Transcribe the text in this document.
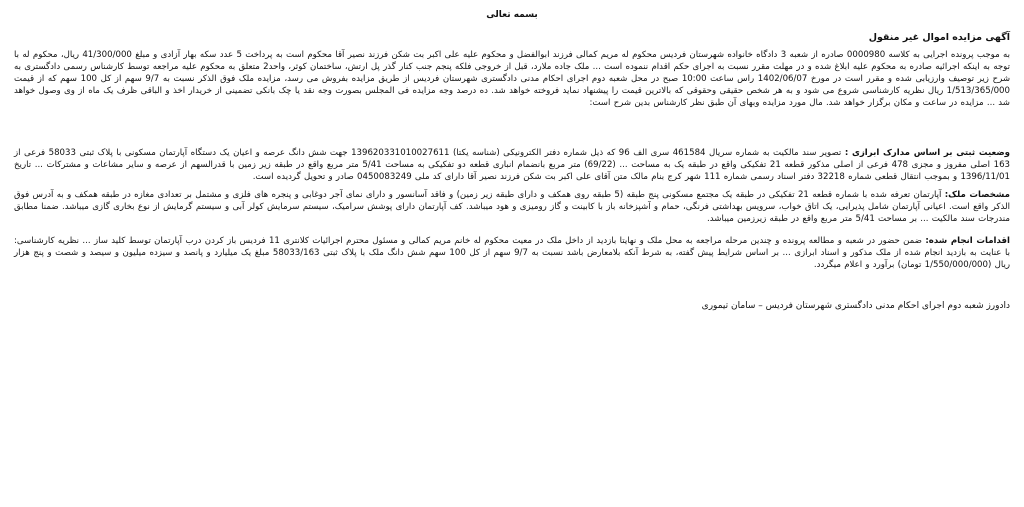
بسمه تعالی
آگهی مزایده اموال غیر منقول

به موجب پرونده اجرایی به کلاسه 0000980 صادره از شعبه 3 دادگاه خانواده شهرستان فردیس محکوم له مریم کمالی فرزند ابوالفضل و محکوم علیه علی اکبر بت شکن فرزند نصیر آقا محکوم است به پرداخت 5 عدد سکه بهار آزادی و مبلغ 41/300/000 ریال، محکوم له با توجه به اینکه اجرائیه صادره به محکوم علیه ابلاغ شده و در مهلت مقرر نسبت به اجرای حکم اقدام ننموده است ... ملک جاده ملارد، قبل از خروجی فلکه پنجم جنب کنار گذر پل ارتش، ساختمان کوثر، واحد2 متعلق به محکوم علیه مراجعه توسط کارشناس رسمی دادگستری به شرح زیر توصیف وارزیابی شده و مقرر است در مورخ 1402/06/07 راس ساعت 10:00 صبح در محل شعبه دوم اجرای احکام مدنی دادگستری شهرستان فردیس از طریق مزایده بفروش می رسد، مزایده ملک فوق الذکر نسبت به 9/7 سهم از کل 100 سهم که از قیمت 1/513/365/000 ریال نظریه کارشناسی شروع می شود و به هر شخص حقیقی وحقوقی که بالاترین قیمت را پیشنهاد نماید فروخته خواهد شد. ده درصد وجه مزایده فی المجلس بصورت وجه نقد یا چک بانکی تضمینی از خریدار اخذ و الباقی ظرف یک ماه از وی وصول خواهد شد ... مزایده در ساعت و مکان برگزار خواهد شد. مال مورد مزایده وبهای آن طبق نظر کارشناس بدین شرح است:

وضعیت ثبتی بر اساس مدارک ابرازی : تصویر سند مالکیت به شماره سریال 461584 سری الف 96 که ذیل شماره دفتر الکترونیکی (شناسه یکتا) 139620331010027611 جهت شش دانگ عرصه و اعیان یک دستگاه آپارتمان مسکونی با پلاک ثبتی 58033 فرعی از 163 اصلی مفروز و مجزی 478 فرعی از اصلی مذکور قطعه 21 تفکیکی واقع در طبقه یک به مساحت ... (69/22) متر مربع بانضمام انباری قطعه دو تفکیکی به مساحت 5/41 متر مربع واقع در طبقه زیر زمین با قدرالسهم از عرصه و سایر مشاعات و مشترکات ... تاریخ 1396/11/01 و بموجب انتقال قطعی شماره 32218 دفتر اسناد رسمی شماره 111 شهر کرج بنام مالک متن آقای علی اکبر بت شکن فرزند نصیر آقا دارای کد ملی 0450083249 صادر و تحویل گردیده است.

مشخصات ملک: آپارتمان تعرفه شده با شماره قطعه 21 تفکیکی در طبقه یک مجتمع مسکونی پنج طبقه (5 طبقه روی همکف و دارای طبقه زیر زمین) و فاقد آسانسور و دارای نمای آجر دوغابی و پنجره های فلزی و مشتمل بر تعدادی مغازه در طبقه همکف و به آدرس فوق الذکر واقع است. اعیانی آپارتمان شامل پذیرایی، یک اتاق خواب، سرویس بهداشتی فرنگی، حمام و آشپزخانه باز با کابینت و گاز رومیزی و هود میباشد. کف آپارتمان دارای پوشش سرامیک، سیستم سرمایش کولر آبی و سیستم گرمایش از نوع بخاری گازی میباشد. ضمنا مطابق مندرجات سند مالکیت ... بر مساحت 5/41 متر مربع واقع در طبقه زیرزمین میباشد.

اقدامات انجام شده: ضمن حضور در شعبه و مطالعه پرونده و چندین مرحله مراجعه به محل ملک و نهایتا بازدید از داخل ملک در معیت محکوم له خانم مریم کمالی و مسئول محترم اجرائیات کلانتری 11 فردیس باز کردن درب آپارتمان توسط کلید ساز ... نظریه کارشناسی: با عنایت به بازدید انجام شده از ملک مذکور و اسناد ابرازی ... بر اساس شرایط پیش گفته، به شرط آنکه بلامعارض باشد نسبت به 9/7 سهم از کل 100 سهم شش دانگ ملک با پلاک ثبتی 58033/163 مبلغ یک میلیارد و پانصد و سیزده میلیون و سیصد و شصت و پنج هزار ریال (1/550/000/000 تومان) برآورد و اعلام میگردد.

دادورز شعبه دوم اجرای احکام مدنی دادگستری شهرستان فردیس – سامان تیموری
